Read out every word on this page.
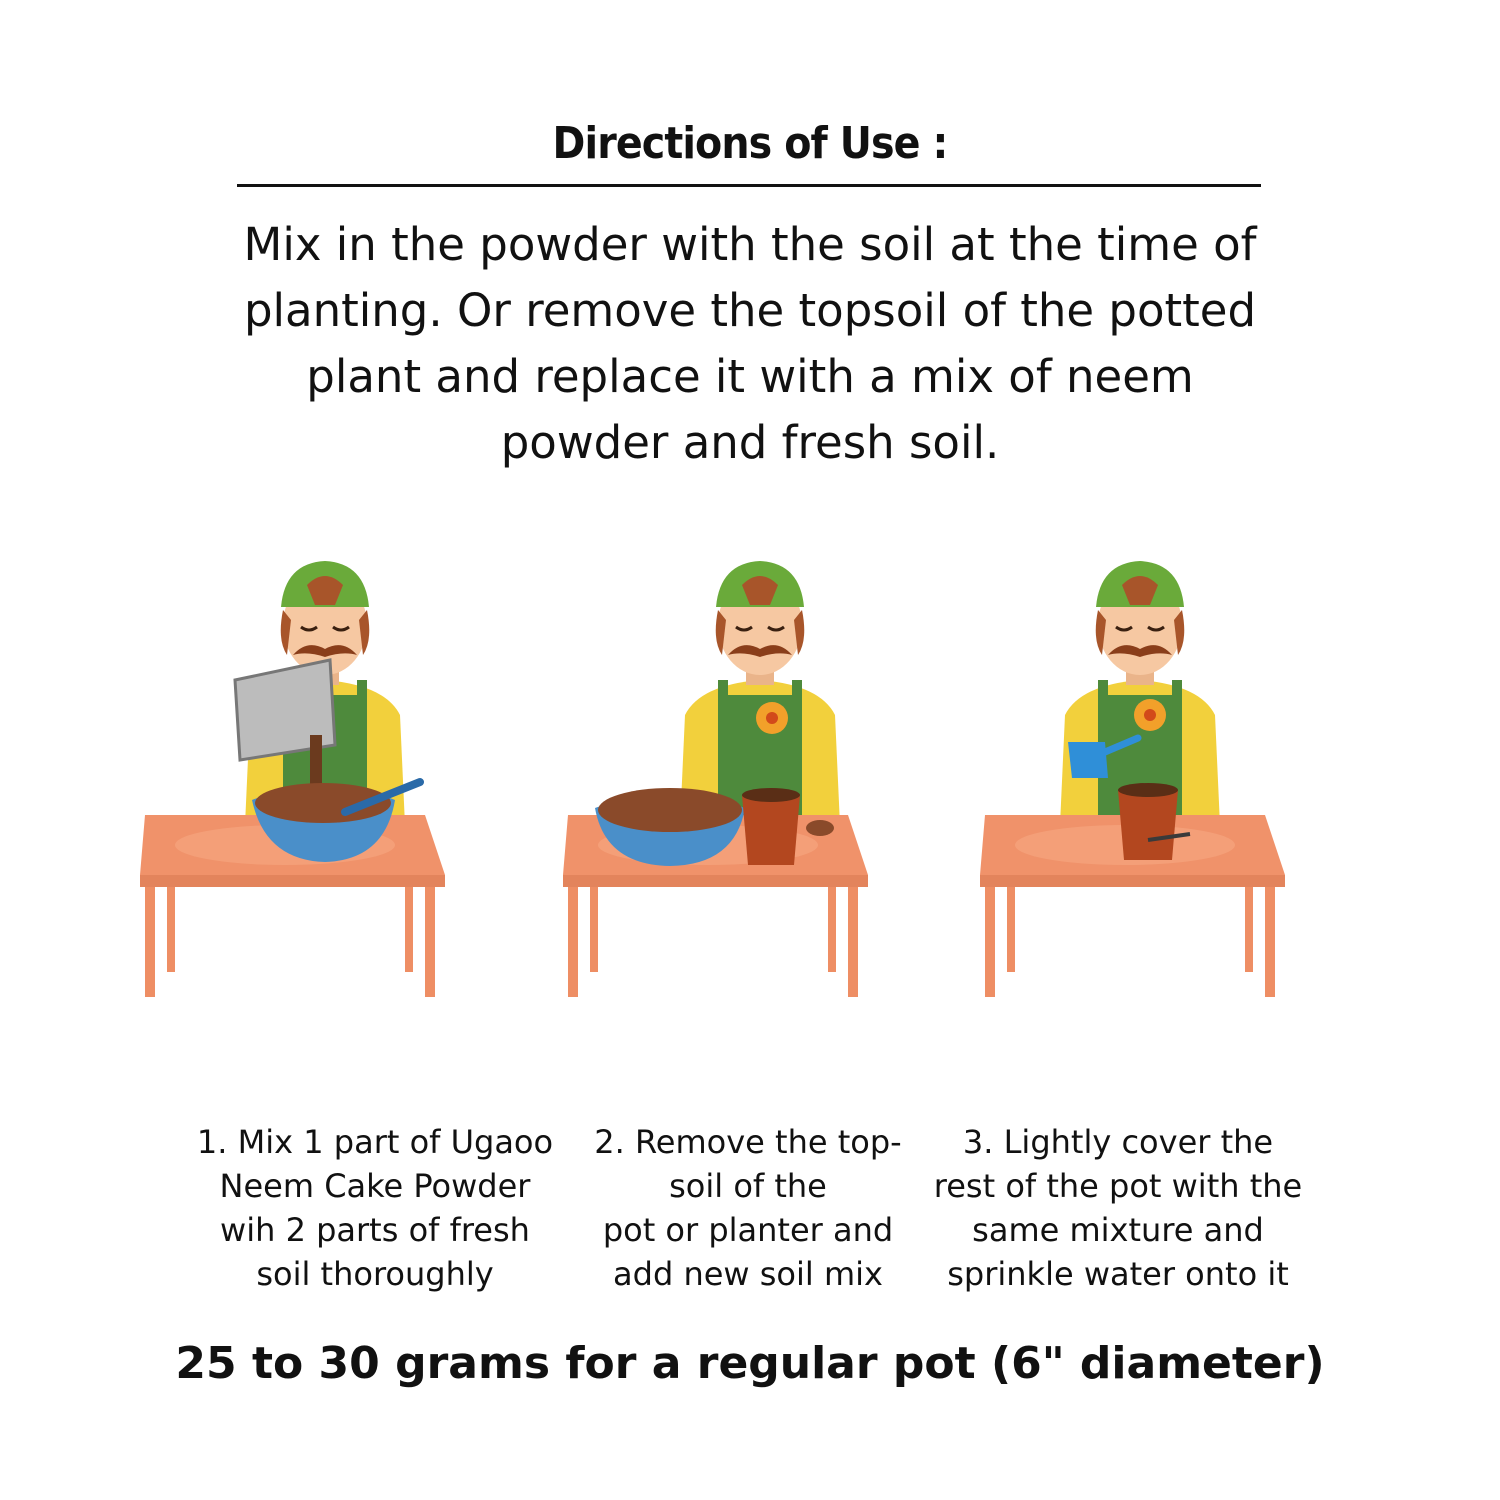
Directions of Use :
Mix in the powder with the soil at the time of
planting. Or remove the topsoil of the potted
plant and replace it with a mix of neem
powder and fresh soil.
1. Mix 1 part of Ugaoo
Neem Cake Powder
wih 2 parts of fresh
soil thoroughly
2. Remove the top-
soil of the
pot or planter and
add new soil mix
3. Lightly cover the
rest of the pot with the
same mixture and
sprinkle water onto it
25 to 30 grams for a regular pot (6" diameter)
